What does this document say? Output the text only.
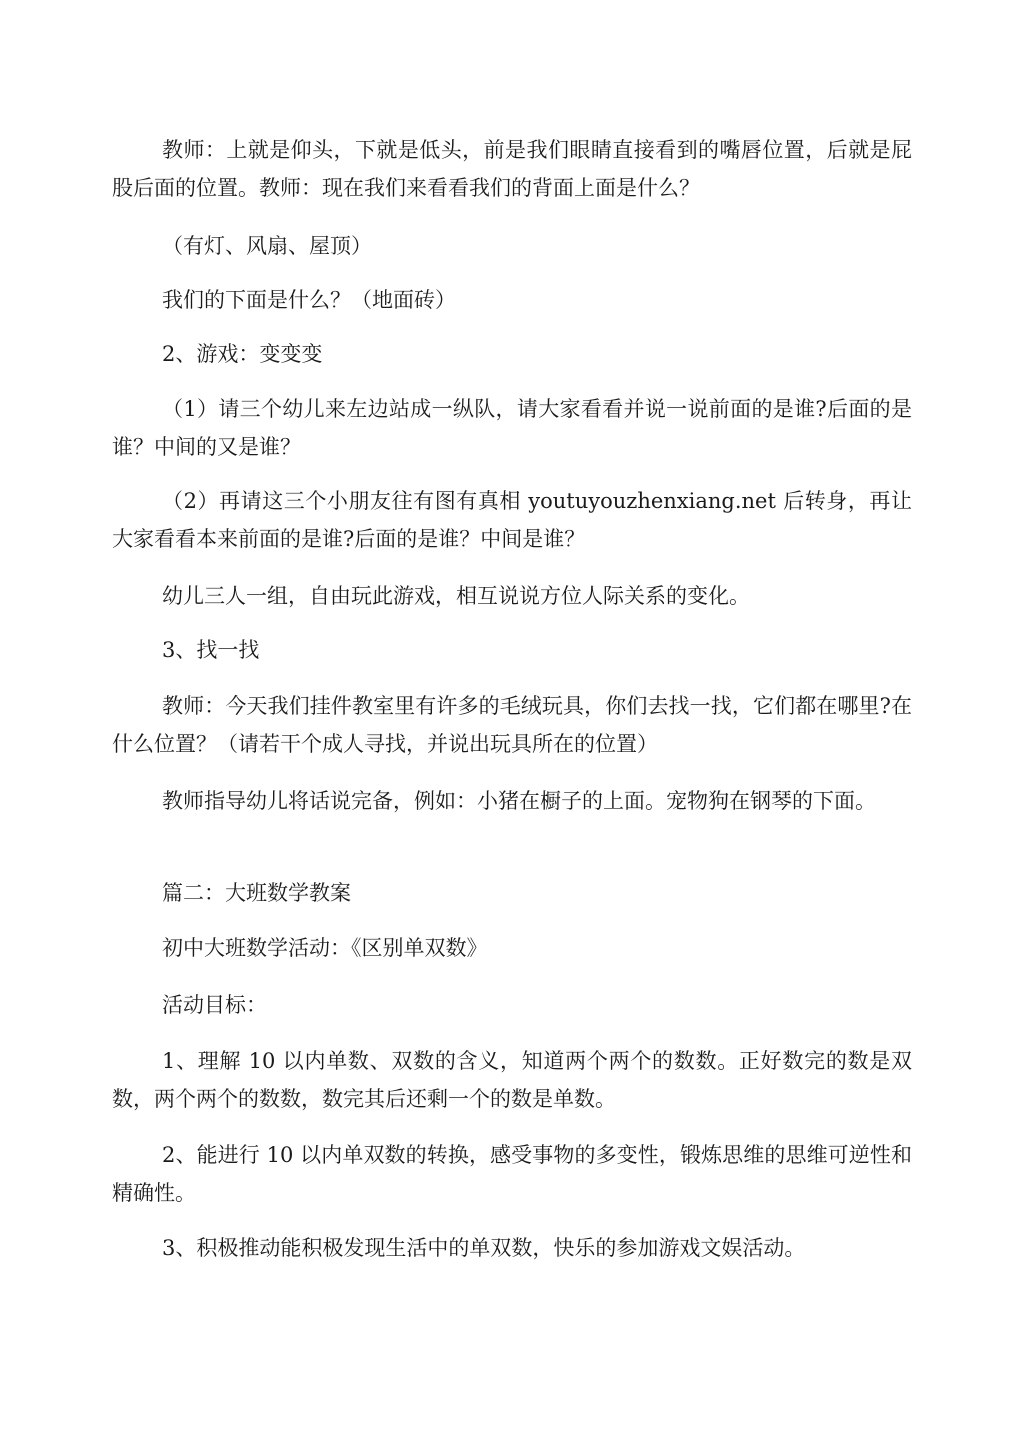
教师：上就是仰头，下就是低头，前是我们眼睛直接看到的嘴唇位置，后就是屁股后面的位置。教师：现在我们来看看我们的背面上面是什么？

（有灯、风扇、屋顶）

我们的下面是什么？（地面砖）

2、游戏：变变变

（1）请三个幼儿来左边站成一纵队，请大家看看并说一说前面的是谁?后面的是谁？中间的又是谁？

（2）再请这三个小朋友往有图有真相 youtuyouzhenxiang.net 后转身，再让大家看看本来前面的是谁?后面的是谁？中间是谁？

幼儿三人一组，自由玩此游戏，相互说说方位人际关系的变化。

3、找一找

教师：今天我们挂件教室里有许多的毛绒玩具，你们去找一找，它们都在哪里?在什么位置？（请若干个成人寻找，并说出玩具所在的位置）

教师指导幼儿将话说完备，例如：小猪在橱子的上面。宠物狗在钢琴的下面。

篇二：大班数学教案

初中大班数学活动：《区别单双数》

活动目标：

1、理解 10 以内单数、双数的含义，知道两个两个的数数。正好数完的数是双数，两个两个的数数，数完其后还剩一个的数是单数。

2、能进行 10 以内单双数的转换，感受事物的多变性，锻炼思维的思维可逆性和精确性。

3、积极推动能积极发现生活中的单双数，快乐的参加游戏文娱活动。
